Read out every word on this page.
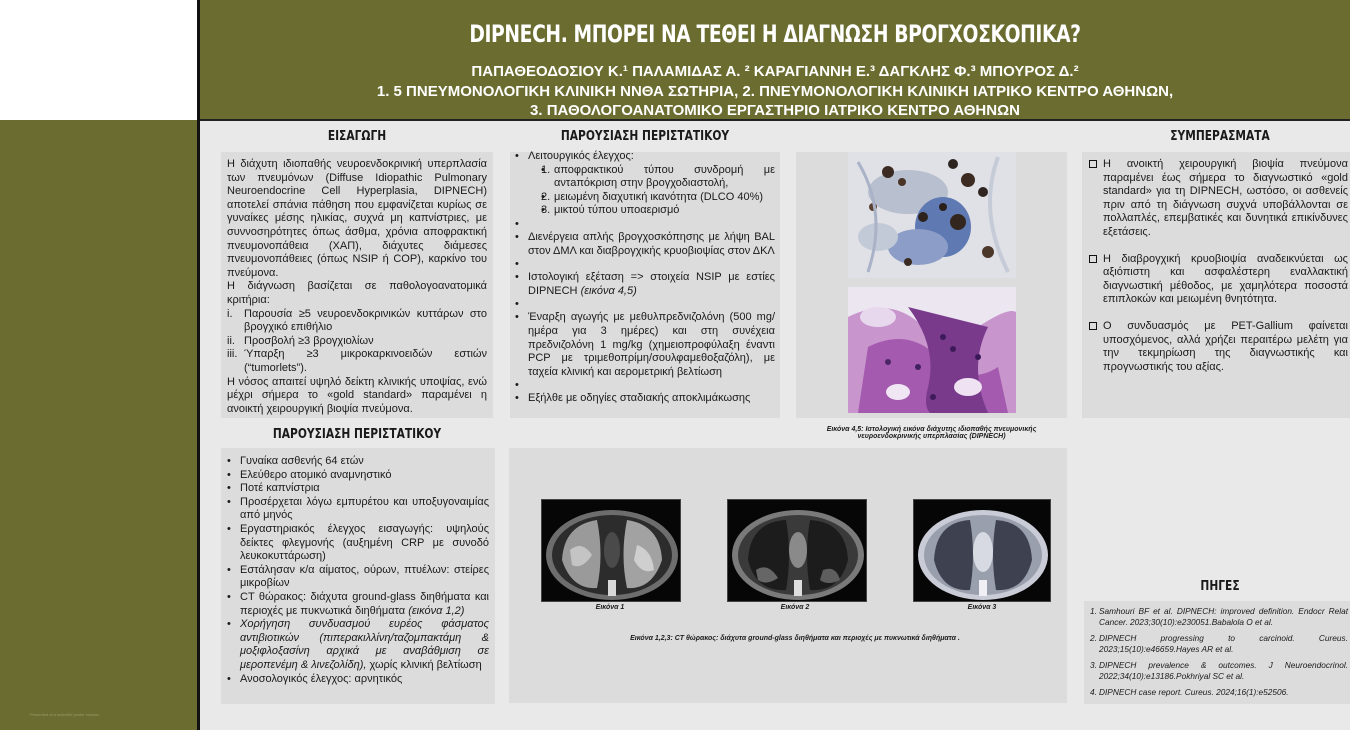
Presented at a scientific poster session
DIPNECH. ΜΠΟΡΕΙ ΝΑ ΤΕΘΕΙ Η ΔΙΑΓΝΩΣΗ ΒΡΟΓΧΟΣΚΟΠΙΚΑ?
ΠΑΠΑΘΕΟΔΟΣΙΟΥ Κ.¹ ΠΑΛΑΜΙΔΑΣ Α. ² ΚΑΡΑΓΙΑΝΝΗ Ε.³ ΔΑΓΚΛΗΣ Φ.³ ΜΠΟΥΡΟΣ Δ.²
1. 5 ΠΝΕΥΜΟΝΟΛΟΓΙΚΗ ΚΛΙΝΙΚΗ ΝΝΘΑ ΣΩΤΗΡΙΑ, 2. ΠΝΕΥΜΟΝΟΛΟΓΙΚΗ ΚΛΙΝΙΚΗ ΙΑΤΡΙΚΟ ΚΕΝΤΡΟ ΑΘΗΝΩΝ,
3. ΠΑΘΟΛΟΓΟΑΝΑΤΟΜΙΚΟ ΕΡΓΑΣΤΗΡΙΟ ΙΑΤΡΙΚΟ ΚΕΝΤΡΟ ΑΘΗΝΩΝ
ΕΙΣΑΓΩΓΗ

Η διάχυτη ιδιοπαθής νευροενδοκρινική υπερπλασία των πνευμόνων (Diffuse Idiopathic Pulmonary Neuroendocrine Cell Hyperplasia, DIPNECH) αποτελεί σπάνια πάθηση που εμφανίζεται κυρίως σε γυναίκες μέσης ηλικίας, συχνά μη καπνίστριες, με συννοσηρότητες όπως άσθμα, χρόνια αποφρακτική πνευμονοπάθεια (ΧΑΠ), διάχυτες διάμεσες πνευμονοπάθειες (όπως NSIP ή COP), καρκίνο του πνεύμονα.

Η διάγνωση βασίζεται σε παθολογοανατομικά κριτήρια:

i. Παρουσία ≥5 νευροενδοκρινικών κυττάρων στο βρογχικό επιθήλιο
ii. Προσβολή ≥3 βρογχιολίων
iii. Ύπαρξη ≥3 μικροκαρκινοειδών εστιών (“tumorlets”).

Η νόσος απαιτεί υψηλό δείκτη κλινικής υποψίας, ενώ μέχρι σήμερα το «gold standard» παραμένει η ανοικτή χειρουργική βιοψία πνεύμονα.

ΠΑΡΟΥΣΙΑΣΗ ΠΕΡΙΣΤΑΤΙΚΟΥ
• Γυναίκα ασθενής 64 ετών
• Ελεύθερο ατομικό αναμνηστικό
• Ποτέ καπνίστρια
• Προσέρχεται λόγω εμπυρέτου και υποξυγοναιμίας από μηνός
• Εργαστηριακός έλεγχος εισαγωγής: υψηλούς δείκτες φλεγμονής (αυξημένη CRP με συνοδό λευκοκυττάρωση)
• Εστάλησαν κ/α αίματος, ούρων, πτυέλων: στείρες μικροβίων
• CT θώρακος: διάχυτα ground-glass διηθήματα και περιοχές με πυκνωτικά διηθήματα (εικόνα 1,2)
• Χορήγηση συνδυασμού ευρέος φάσματος αντιβιοτικών (πιπερακιλλίνη/ταζομπακτάμη & μοξιφλοξασίνη αρχικά με αναβάθμιση σε μεροπενέμη & λινεζολίδη), χωρίς κλινική βελτίωση
• Ανοσολογικός έλεγχος: αρνητικός
ΠΑΡΟΥΣΙΑΣΗ ΠΕΡΙΣΤΑΤΙΚΟΥ
• Λειτουργικός έλεγχος:
• 1. αποφρακτικού τύπου συνδρομή με αντaπόκριση στην βρογχοδιαστολή,
• 2. μειωμένη διαχυτική ικανότητα (DLCO 40%)
• 3. μικτού τύπου υποαερισμό
•
• Διενέργεια απλής βρογχοσκόπησης με λήψη BAL στον ΔΜΛ και διαβρογχικής κρυοβιοψίας στον ΔΚΛ
•
• Ιστολογική εξέταση => στοιχεία NSIP με εστίες DIPNECH (εικόνα 4,5)
•
• Έναρξη αγωγής με μεθυλπρεδνιζολόνη (500 mg/ημέρα για 3 ημέρες) και στη συνέχεια πρεδνιζολόνη 1 mg/kg (χημειοπροφύλαξη έναντι PCP με τριμεθοπρίμη/σουλφαμεθοξαζόλη), με ταχεία κλινική και αερομετρική βελτίωση
•
• Εξήλθε με οδηγίες σταδιακής αποκλιμάκωσης
Εικόνα 4,5: Ιστολογική εικόνα διάχυτης ιδιοπαθής πνευμονικής
νευροενδοκρινικής υπερπλασίας (DIPNECH)
Εικόνα 1	Εικόνα 2	Εικόνα 3
Εικόνα 1,2,3: CT θώρακος: διάχυτα ground-glass διηθήματα και περιοχές με πυκνωτικά διηθήματα .
ΣΥΜΠΕΡΑΣΜΑΤΑ
Η ανοικτή χειρουργική βιοψία πνεύμονα παραμένει έως σήμερα το διαγνωστικό «gold standard» για τη DIPNECH, ωστόσο, οι ασθενείς πριν από τη διάγνωση συχνά υποβάλλονται σε πολλαπλές, επεμβατικές και δυνητικά επικίνδυνες εξετάσεις.
Η διαβρογχική κρυοβιοψία αναδεικνύεται ως αξιόπιστη και ασφαλέστερη εναλλακτική διαγνωστική μέθοδος, με χαμηλότερα ποσοστά επιπλοκών και μειωμένη θνητότητα.
Ο συνδυασμός με PET-Gallium φαίνεται υποσχόμενος, αλλά χρήζει περαιτέρω μελέτη για την τεκμηρίωση της διαγνωστικής και προγνωστικής του αξίας.
ΠΗΓΕΣ
1. Samhouri BF et al. DIPNECH: improved definition. Endocr Relat Cancer. 2023;30(10):e230051.Babalola O et al.
2. DIPNECH progressing to carcinoid. Cureus. 2023;15(10):e46659.Hayes AR et al.
3. DIPNECH prevalence & outcomes. J Neuroendocrinol. 2022;34(10):e13186.Pokhriyal SC et al.
4. DIPNECH case report. Cureus. 2024;16(1):e52506.
